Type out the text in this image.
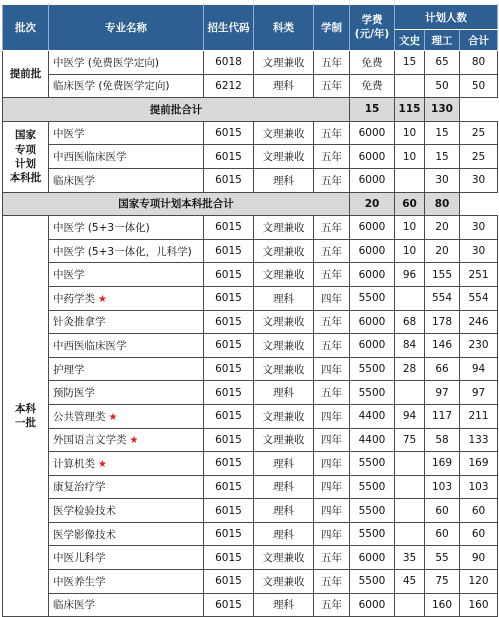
批次	专业名称	招生代码	科类	学制	学费
(元/年)	计划人数		
						文史	理工	合计
提前批	中医学 (免费医学定向)	6018	文理兼收	五年	免费	15	65	80
	临床医学 (免费医学定向)	6212	理科	五年	免费		50	50
提前批合计					15	115	130	

国家
专项
计划
本科批	中医学	6015	文理兼收	五年	6000	10	15	25
	中西医临床医学	6015	文理兼收	五年	6000	10	15	25
	临床医学	6015	理科	五年	6000		30	30
国家专项计划本科批合计					20	60	80	

本科
一批	中医学 (5+3一体化)	6015	文理兼收	五年	6000	10	20	30
	中医学 (5+3一体化，儿科学)	6015	文理兼收	五年	6000	10	20	30
	中医学	6015	文理兼收	五年	6000	96	155	251
	中药学类 ★	6015	理科	四年	5500		554	554
	针灸推拿学	6015	文理兼收	五年	6000	68	178	246
	中西医临床医学	6015	文理兼收	五年	6000	84	146	230
	护理学	6015	文理兼收	四年	5500	28	66	94
	预防医学	6015	理科	五年	5500		97	97
	公共管理类 ★	6015	文理兼收	四年	4400	94	117	211
	外国语言文学类 ★	6015	文理兼收	四年	4400	75	58	133
	计算机类 ★	6015	理科	四年	5500		169	169
	康复治疗学	6015	理科	四年	5500		103	103
	医学检验技术	6015	理科	四年	5500		60	60
	医学影像技术	6015	理科	四年	5500		60	60
	中医儿科学	6015	文理兼收	五年	6000	35	55	90
	中医养生学	6015	文理兼收	五年	5500	45	75	120
	临床医学	6015	理科	五年	6000		160	160
